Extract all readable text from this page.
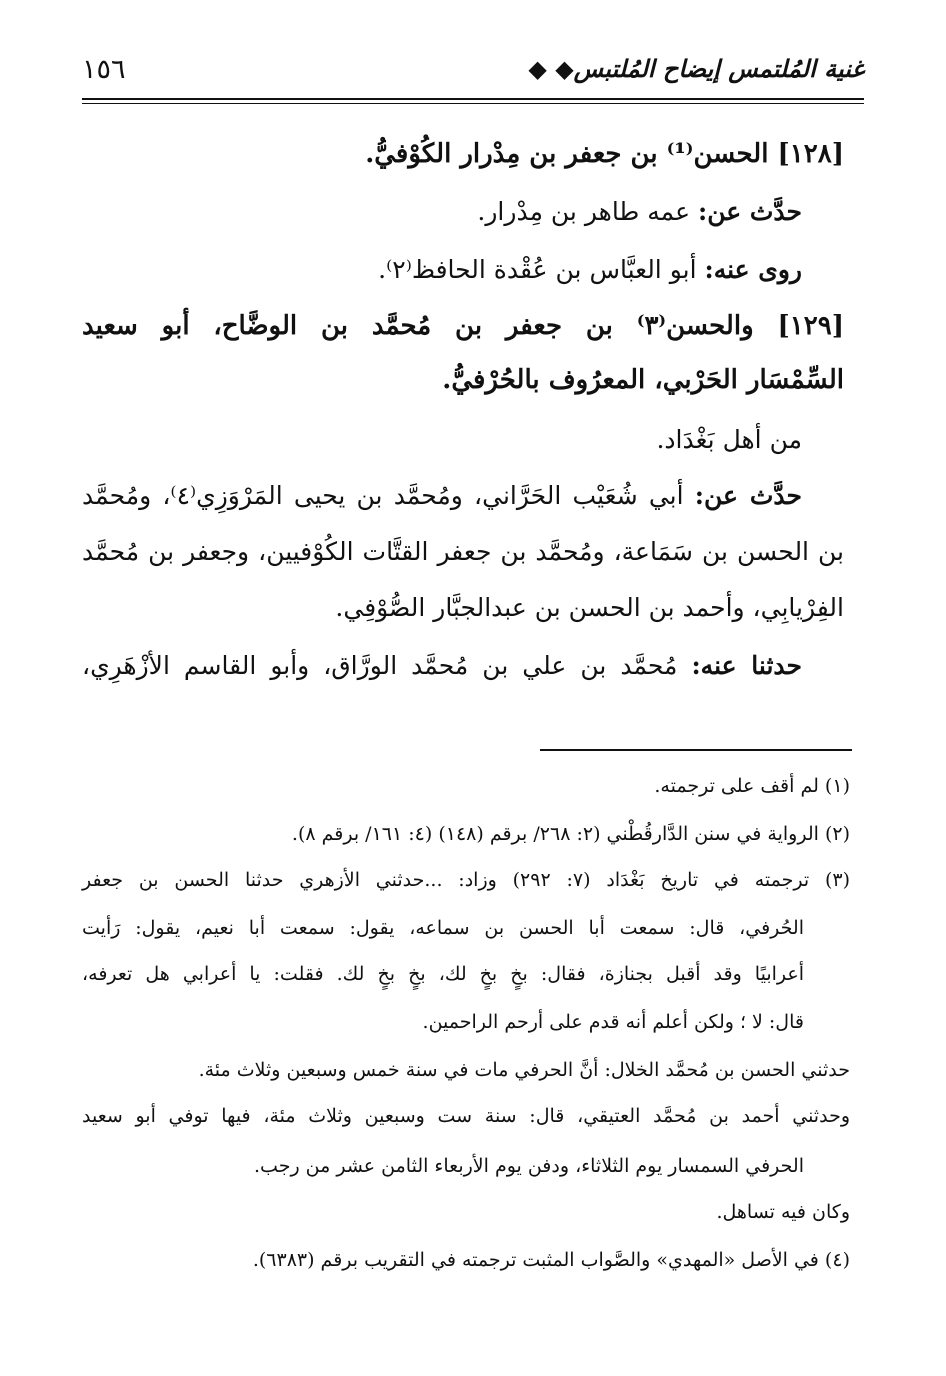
١٥٦	غنية المُلتمس إيضاح المُلتبس◆ ◆
[١٢٨] الحسن⁽¹⁾ بن جعفر بن مِدْرار الكُوْفيُّ.
حدَّث عن: عمه طاهر بن مِدْرار.
روى عنه: أبو العبَّاس بن عُقْدة الحافظ⁽٢⁾.
[١٢٩] والحسن⁽٣⁾ بن جعفر بن مُحمَّد بن الوضَّاح، أبو سعيد
السِّمْسَار الحَرْبي، المعرُوف بالحُرْفيُّ.
من أهل بَغْدَاد.
حدَّث عن: أبي شُعَيْب الحَرَّاني، ومُحمَّد بن يحيى المَرْوَزِي⁽٤⁾، ومُحمَّد
بن الحسن بن سَمَاعة، ومُحمَّد بن جعفر القتَّات الكُوْفيين، وجعفر بن مُحمَّد
الفِرْيابِي، وأحمد بن الحسن بن عبدالجبَّار الصُّوْفِي.
حدثنا عنه: مُحمَّد بن علي بن مُحمَّد الورَّاق، وأبو القاسم الأزْهَرِي،
(١) لم أقف على ترجمته.
(٢) الرواية في سنن الدَّارقُطْني (٢: ٢٦٨/ برقم (١٤٨) (٤: ١٦١/ برقم ٨).
(٣) ترجمته في تاريخ بَغْدَاد (٧: ٢٩٢) وزاد: ...حدثني الأزهري حدثنا الحسن بن جعفر
الحُرفي، قال: سمعت أبا الحسن بن سماعه، يقول: سمعت أبا نعيم، يقول: رَأيت
أعرابيًا وقد أقبل بجنازة، فقال: بخٍ بخٍ لك، بخٍ بخٍ لك. فقلت: يا أعرابي هل تعرفه،
قال: لا ؛ ولكن أعلم أنه قدم على أرحم الراحمين.
حدثني الحسن بن مُحمَّد الخلال: أنَّ الحرفي مات في سنة خمس وسبعين وثلاث مئة.
وحدثني أحمد بن مُحمَّد العتيقي، قال: سنة ست وسبعين وثلاث مئة، فيها توفي أبو سعيد
الحرفي السمسار يوم الثلاثاء، ودفن يوم الأربعاء الثامن عشر من رجب.
وكان فيه تساهل.
(٤) في الأصل «المهدي» والصَّواب المثبت ترجمته في التقريب برقم (٦٣٨٣).
